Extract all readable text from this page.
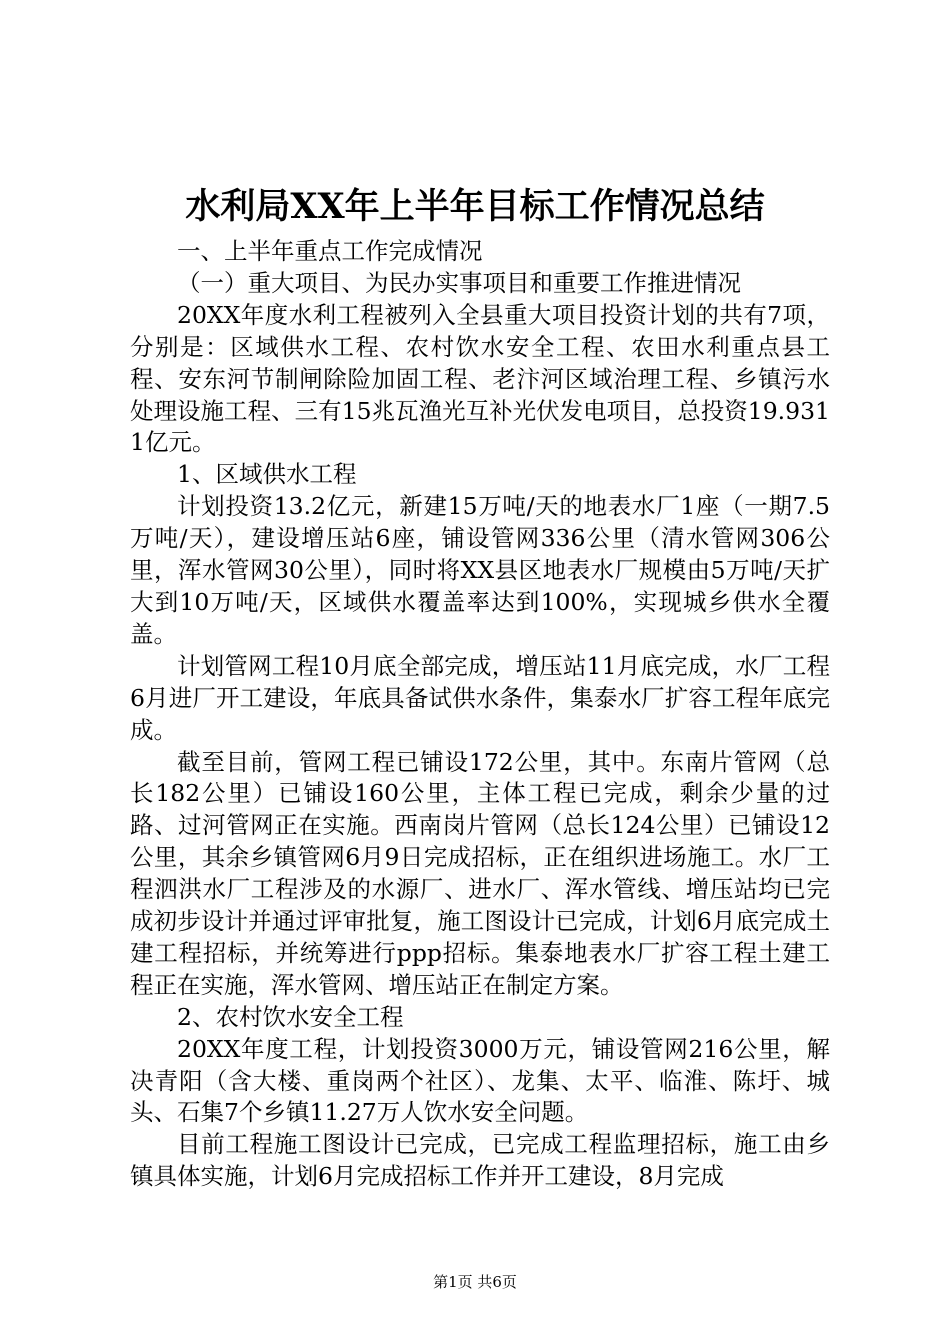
水利局XX年上半年目标工作情况总结

一、上半年重点工作完成情况

（一）重大项目、为民办实事项目和重要工作推进情况

20XX年度水利工程被列入全县重大项目投资计划的共有7项，分别是：区域供水工程、农村饮水安全工程、农田水利重点县工程、安东河节制闸除险加固工程、老汴河区域治理工程、乡镇污水处理设施工程、三有15兆瓦渔光互补光伏发电项目，总投资19.9311亿元。

1、区域供水工程

计划投资13.2亿元，新建15万吨/天的地表水厂1座（一期7.5万吨/天），建设增压站6座，铺设管网336公里（清水管网306公里，浑水管网30公里），同时将XX县区地表水厂规模由5万吨/天扩大到10万吨/天，区域供水覆盖率达到100%，实现城乡供水全覆盖。

计划管网工程10月底全部完成，增压站11月底完成，水厂工程6月进厂开工建设，年底具备试供水条件，集泰水厂扩容工程年底完成。

截至目前，管网工程已铺设172公里，其中。东南片管网（总长182公里）已铺设160公里，主体工程已完成，剩余少量的过路、过河管网正在实施。西南岗片管网（总长124公里）已铺设12公里，其余乡镇管网6月9日完成招标，正在组织进场施工。水厂工程泗洪水厂工程涉及的水源厂、进水厂、浑水管线、增压站均已完成初步设计并通过评审批复，施工图设计已完成，计划6月底完成土建工程招标，并统筹进行ppp招标。集泰地表水厂扩容工程土建工程正在实施，浑水管网、增压站正在制定方案。

2、农村饮水安全工程

20XX年度工程，计划投资3000万元，铺设管网216公里，解决青阳（含大楼、重岗两个社区）、龙集、太平、临淮、陈圩、城头、石集7个乡镇11.27万人饮水安全问题。

目前工程施工图设计已完成，已完成工程监理招标，施工由乡镇具体实施，计划6月完成招标工作并开工建设，8月完成

第1页 共6页
